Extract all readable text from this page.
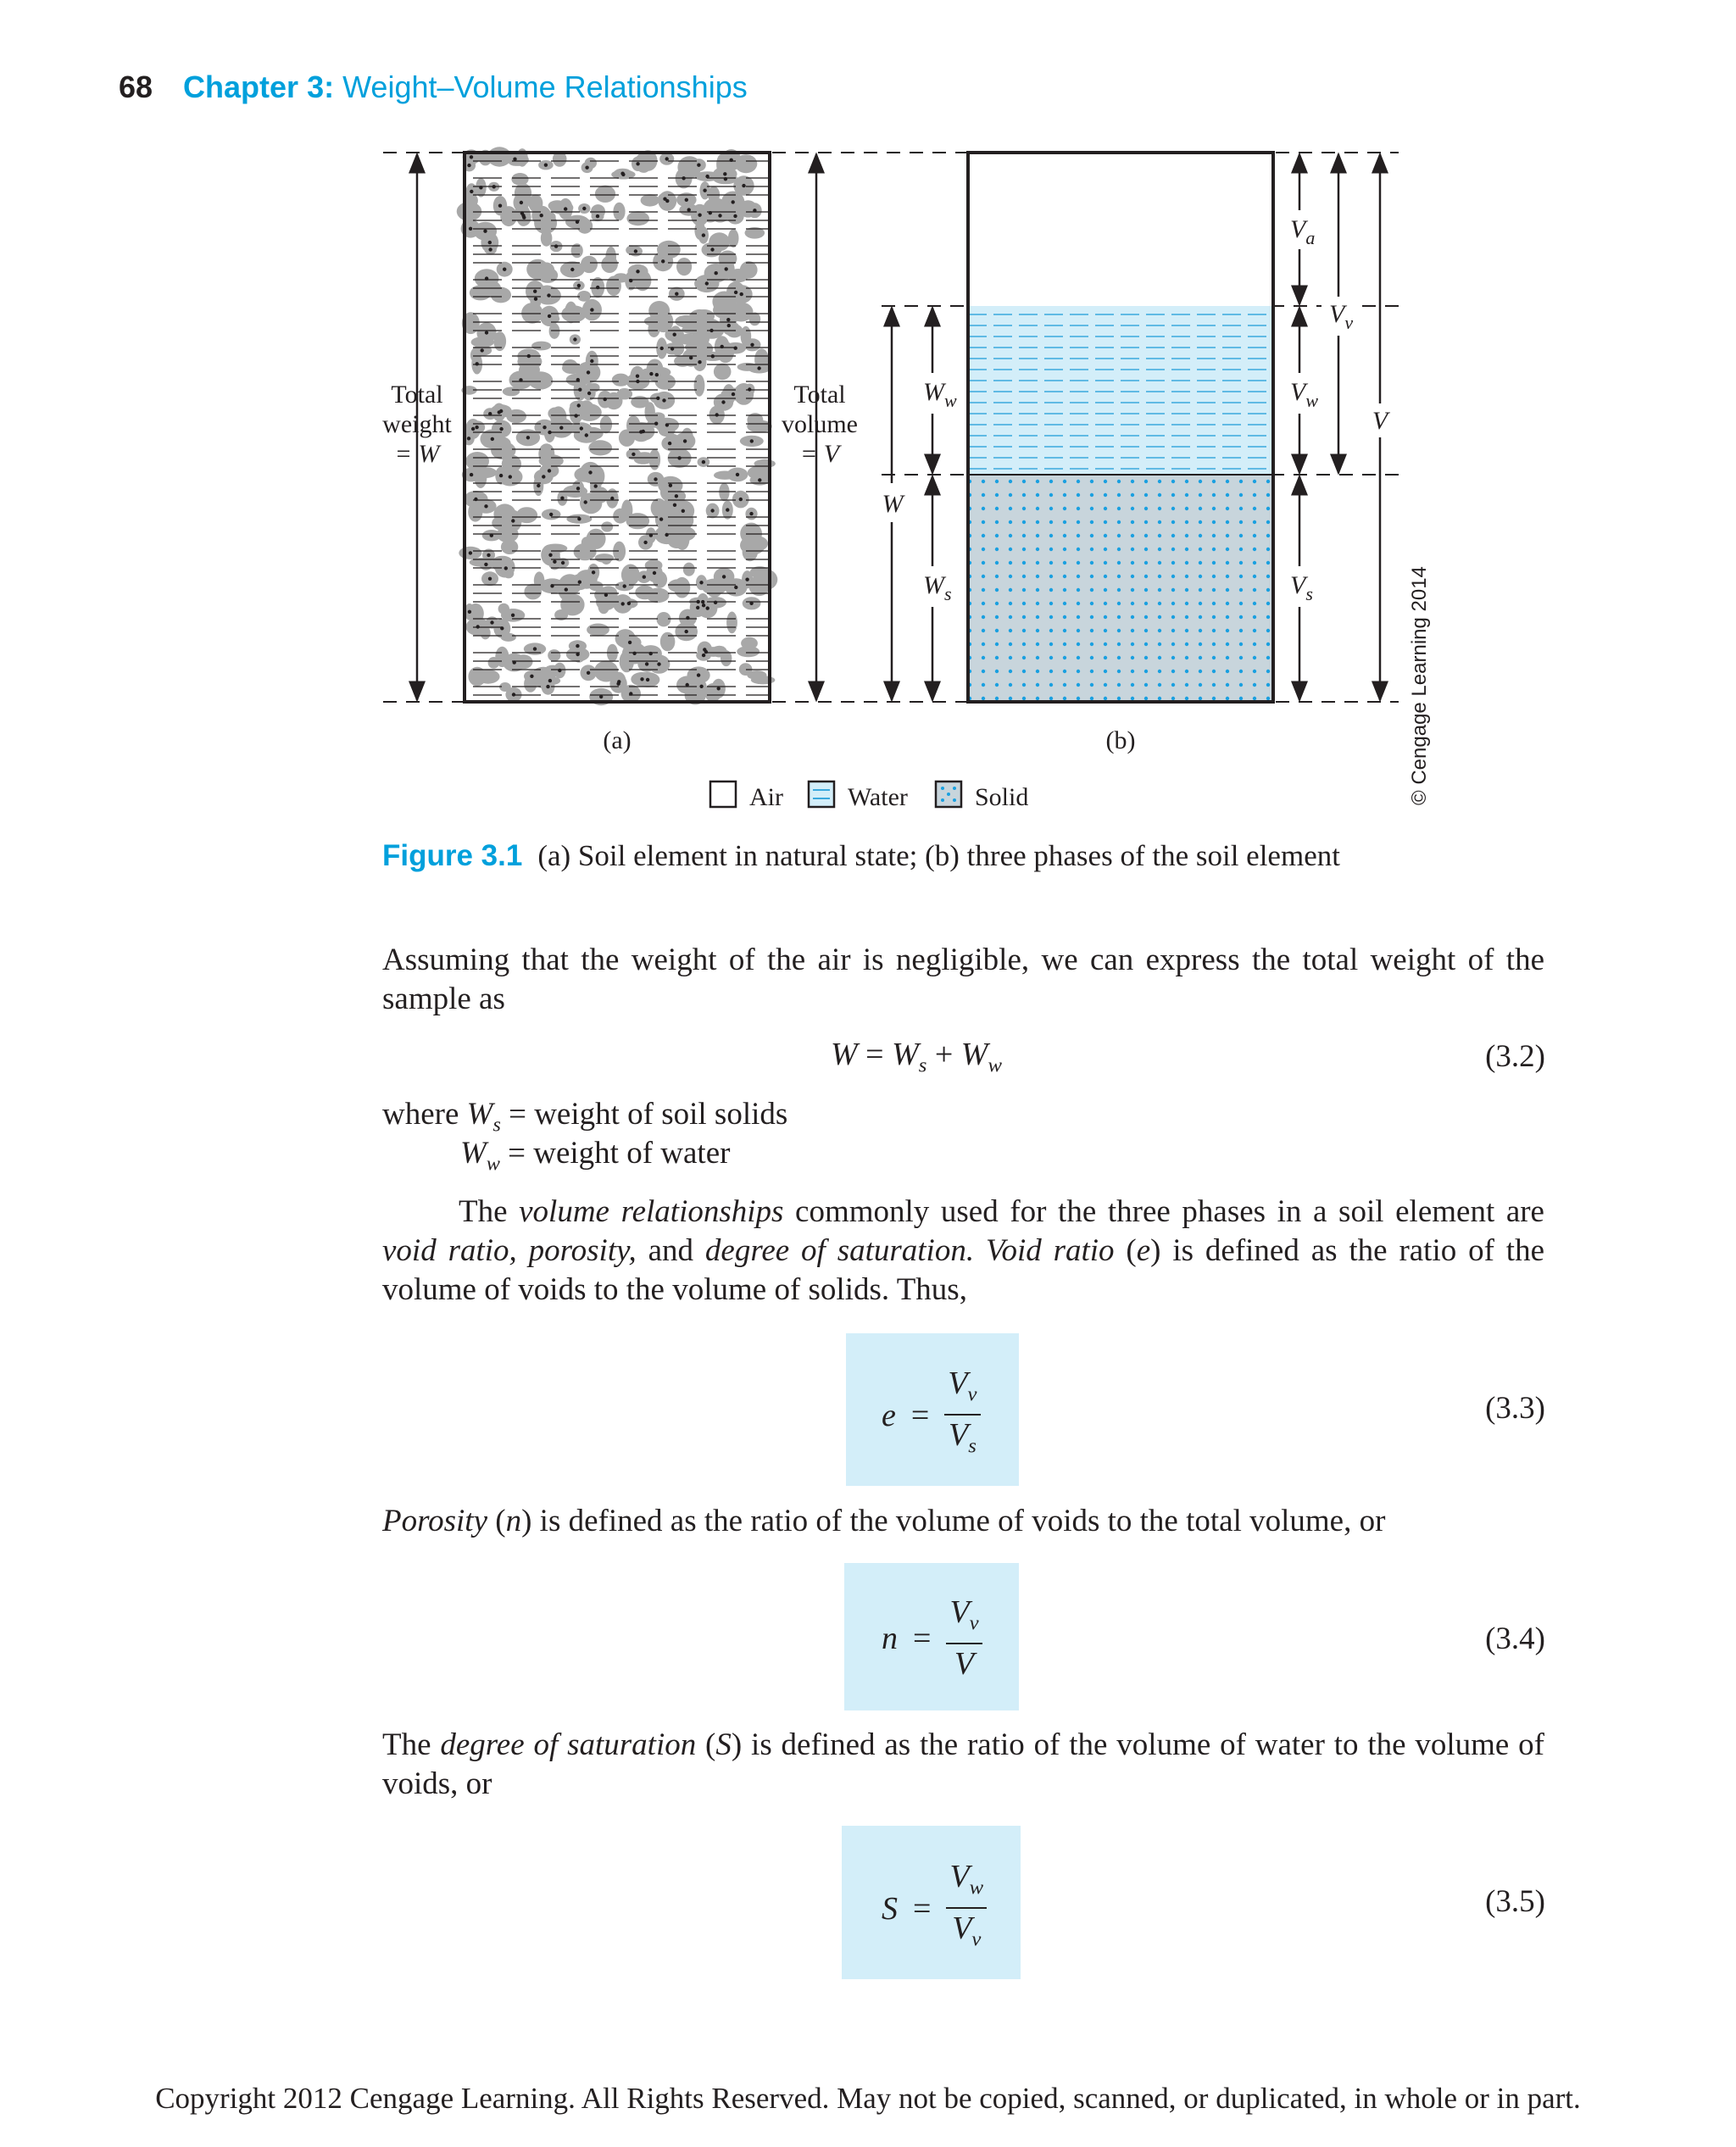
68 Chapter 3: Weight–Volume Relationships
Total
weight
= W
Total
volume
= V
W
$W_w$
$W_s$
$V_a$
$V_v$
$V_w$
$V_s$
V
(a)	(b)
Air	Water	Solid	© Cengage Learning 2014
Figure 3.1 (a) Soil element in natural state; (b) three phases of the soil element
Assuming that the weight of the air is negligible, we can express the total weight of the sample as
$W = W_s + W_w$	(3.2)
where $W_s$ = weight of soil solids
$W_w$ = weight of water
The volume relationships commonly used for the three phases in a soil element are void ratio, porosity, and degree of saturation. Void ratio (e) is defined as the ratio of the volume of voids to the volume of solids. Thus,
$e = \frac{V_v}{V_s}$	(3.3)
Porosity (n) is defined as the ratio of the volume of voids to the total volume, or
$n = \frac{V_v}{V}$	(3.4)
The degree of saturation (S) is defined as the ratio of the volume of water to the volume of voids, or
$S = \frac{V_w}{V_v}$	(3.5)
Copyright 2012 Cengage Learning. All Rights Reserved. May not be copied, scanned, or duplicated, in whole or in part.
